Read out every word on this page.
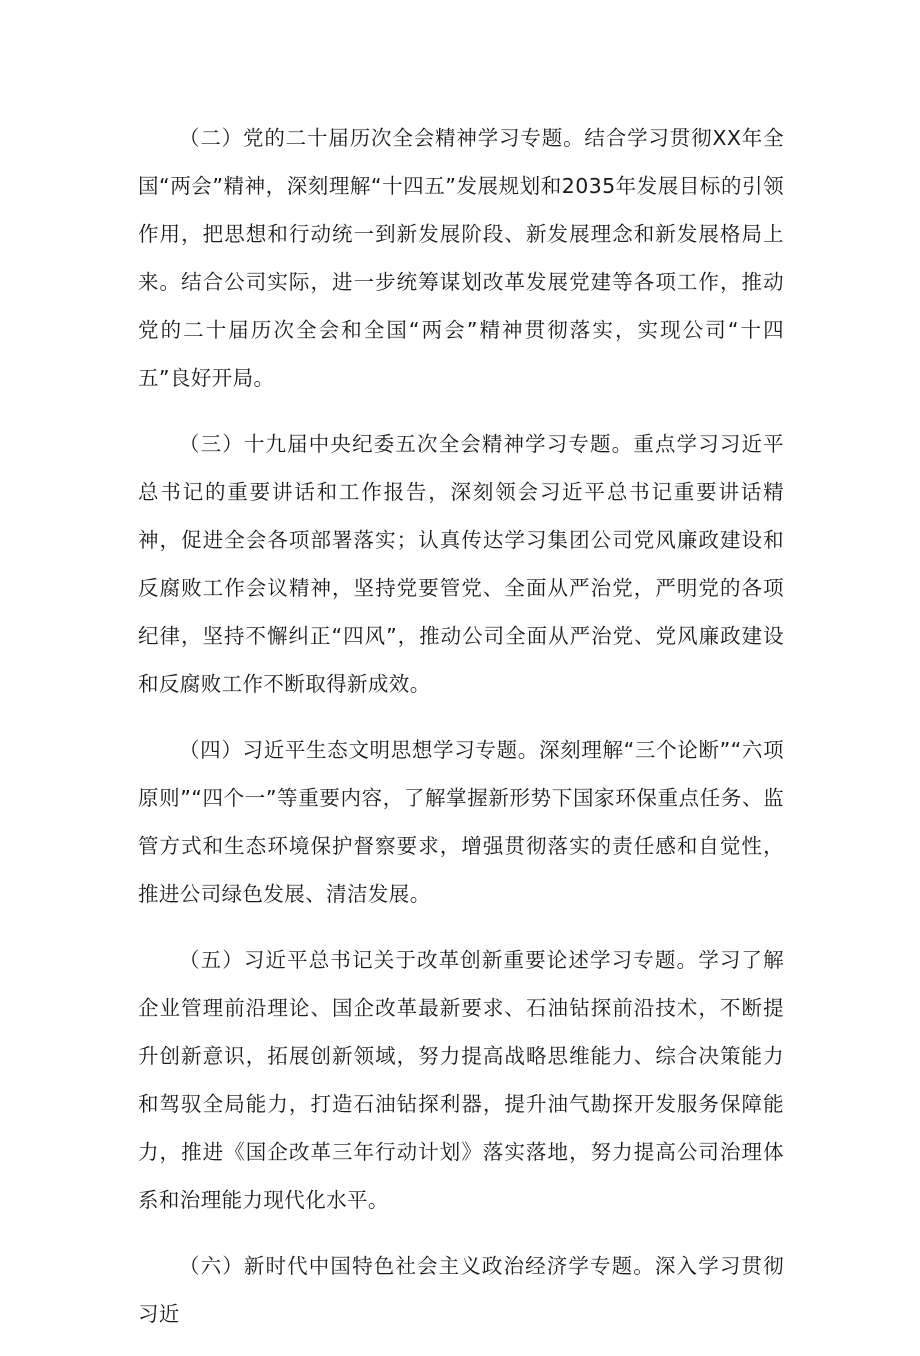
（二）党的二十届历次全会精神学习专题。结合学习贯彻XX年全国“两会”精神，深刻理解“十四五”发展规划和2035年发展目标的引领作用，把思想和行动统一到新发展阶段、新发展理念和新发展格局上来。结合公司实际，进一步统筹谋划改革发展党建等各项工作，推动党的二十届历次全会和全国“两会”精神贯彻落实，实现公司“十四五”良好开局。

（三）十九届中央纪委五次全会精神学习专题。重点学习习近平总书记的重要讲话和工作报告，深刻领会习近平总书记重要讲话精神，促进全会各项部署落实；认真传达学习集团公司党风廉政建设和反腐败工作会议精神，坚持党要管党、全面从严治党，严明党的各项纪律，坚持不懈纠正“四风”，推动公司全面从严治党、党风廉政建设和反腐败工作不断取得新成效。

（四）习近平生态文明思想学习专题。深刻理解“三个论断”“六项原则”“四个一”等重要内容，了解掌握新形势下国家环保重点任务、监管方式和生态环境保护督察要求，增强贯彻落实的责任感和自觉性，推进公司绿色发展、清洁发展。

（五）习近平总书记关于改革创新重要论述学习专题。学习了解企业管理前沿理论、国企改革最新要求、石油钻探前沿技术，不断提升创新意识，拓展创新领域，努力提高战略思维能力、综合决策能力和驾驭全局能力，打造石油钻探利器，提升油气勘探开发服务保障能力，推进《国企改革三年行动计划》落实落地，努力提高公司治理体系和治理能力现代化水平。

（六）新时代中国特色社会主义政治经济学专题。深入学习贯彻习近
